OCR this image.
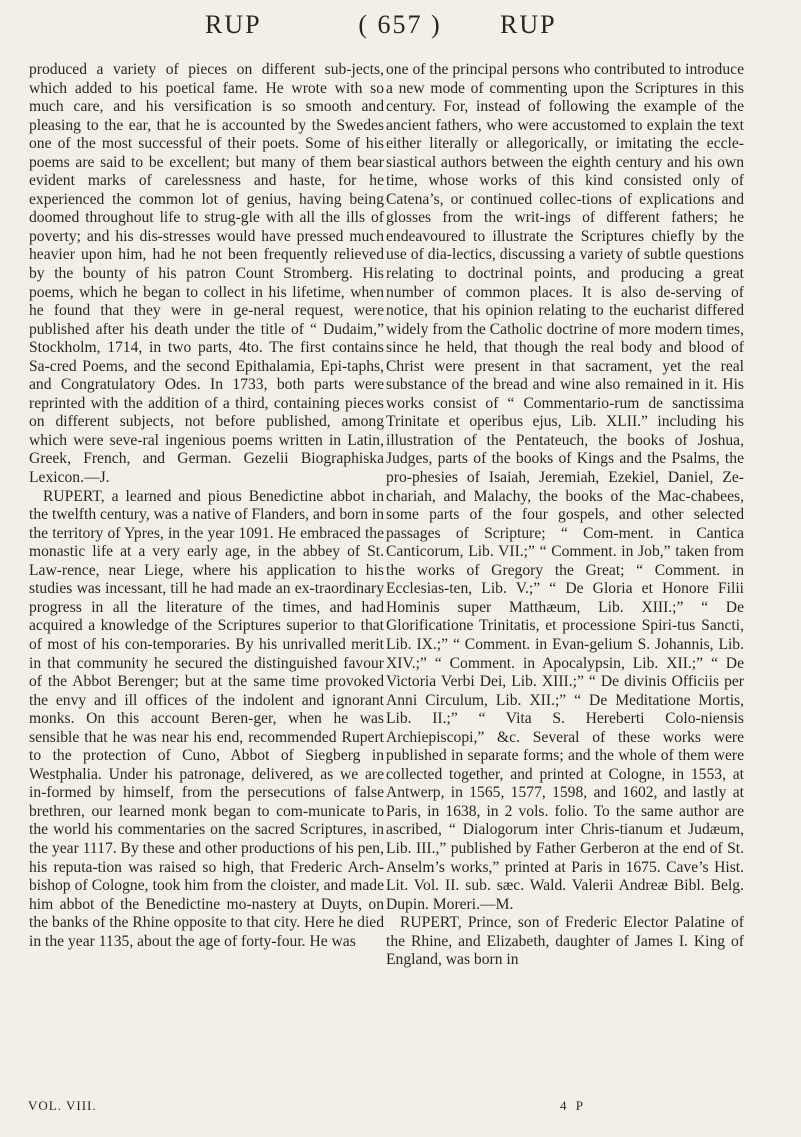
RUP	( 657 )	RUP

produced a variety of pieces on different sub-jects, which added to his poetical fame. He wrote with so much care, and his versification is so smooth and pleasing to the ear, that he is accounted by the Swedes one of the most successful of their poets. Some of his poems are said to be excellent; but many of them bear evident marks of carelessness and haste, for he experienced the common lot of genius, having being doomed throughout life to strug-gle with all the ills of poverty; and his dis-stresses would have pressed much heavier upon him, had he not been frequently relieved by the bounty of his patron Count Stromberg. His poems, which he began to collect in his lifetime, when he found that they were in ge-neral request, were published after his death under the title of “ Dudaim,” Stockholm, 1714, in two parts, 4to. The first contains Sa-cred Poems, and the second Epithalamia, Epi-taphs, and Congratulatory Odes. In 1733, both parts were reprinted with the addition of a third, containing pieces on different subjects, not before published, among which were seve-ral ingenious poems written in Latin, Greek, French, and German. Gezelii Biographiska Lexicon.—J.

RUPERT, a learned and pious Benedictine abbot in the twelfth century, was a native of Flanders, and born in the territory of Ypres, in the year 1091. He embraced the monastic life at a very early age, in the abbey of St. Law-rence, near Liege, where his application to his studies was incessant, till he had made an ex-traordinary progress in all the literature of the times, and had acquired a knowledge of the Scriptures superior to that of most of his con-temporaries. By his unrivalled merit in that community he secured the distinguished favour of the Abbot Berenger; but at the same time provoked the envy and ill offices of the indolent and ignorant monks. On this account Beren-ger, when he was sensible that he was near his end, recommended Rupert to the protection of Cuno, Abbot of Siegberg in Westphalia. Under his patronage, delivered, as we are in-formed by himself, from the persecutions of false brethren, our learned monk began to com-municate to the world his commentaries on the sacred Scriptures, in the year 1117. By these and other productions of his pen, his reputa-tion was raised so high, that Frederic Arch-bishop of Cologne, took him from the cloister, and made him abbot of the Benedictine mo-nastery at Duyts, on the banks of the Rhine opposite to that city. Here he died in the year 1135, about the age of forty-four. He was

one of the principal persons who contributed to introduce a new mode of commenting upon the Scriptures in this century. For, instead of following the example of the ancient fathers, who were accustomed to explain the text either literally or allegorically, or imitating the eccle-siastical authors between the eighth century and his own time, whose works of this kind consisted only of Catena’s, or continued collec-tions of explications and glosses from the writ-ings of different fathers; he endeavoured to illustrate the Scriptures chiefly by the use of dia-lectics, discussing a variety of subtle questions relating to doctrinal points, and producing a great number of common places. It is also de-serving of notice, that his opinion relating to the eucharist differed widely from the Catholic doctrine of more modern times, since he held, that though the real body and blood of Christ were present in that sacrament, yet the real substance of the bread and wine also remained in it. His works consist of “ Commentario-rum de sanctissima Trinitate et operibus ejus, Lib. XLII.” including his illustration of the Pentateuch, the books of Joshua, Judges, parts of the books of Kings and the Psalms, the pro-phesies of Isaiah, Jeremiah, Ezekiel, Daniel, Ze-chariah, and Malachy, the books of the Mac-chabees, some parts of the four gospels, and other selected passages of Scripture; “ Com-ment. in Cantica Canticorum, Lib. VII.;” “ Comment. in Job,” taken from the works of Gregory the Great; “ Comment. in Ecclesias-ten, Lib. V.;” “ De Gloria et Honore Filii Hominis super Matthæum, Lib. XIII.;” “ De Glorificatione Trinitatis, et processione Spiri-tus Sancti, Lib. IX.;” “ Comment. in Evan-gelium S. Johannis, Lib. XIV.;” “ Comment. in Apocalypsin, Lib. XII.;” “ De Victoria Verbi Dei, Lib. XIII.;” “ De divinis Officiis per Anni Circulum, Lib. XII.;” “ De Meditatione Mortis, Lib. II.;” “ Vita S. Hereberti Colo-niensis Archiepiscopi,” &c. Several of these works were published in separate forms; and the whole of them were collected together, and printed at Cologne, in 1553, at Antwerp, in 1565, 1577, 1598, and 1602, and lastly at Paris, in 1638, in 2 vols. folio. To the same author are ascribed, “ Dialogorum inter Chris-tianum et Judæum, Lib. III.,” published by Father Gerberon at the end of St. Anselm’s works,” printed at Paris in 1675. Cave’s Hist. Lit. Vol. II. sub. sæc. Wald. Valerii Andreæ Bibl. Belg. Dupin. Moreri.—M.

RUPERT, Prince, son of Frederic Elector Palatine of the Rhine, and Elizabeth, daughter of James I. King of England, was born in

VOL. VIII.	4 P
